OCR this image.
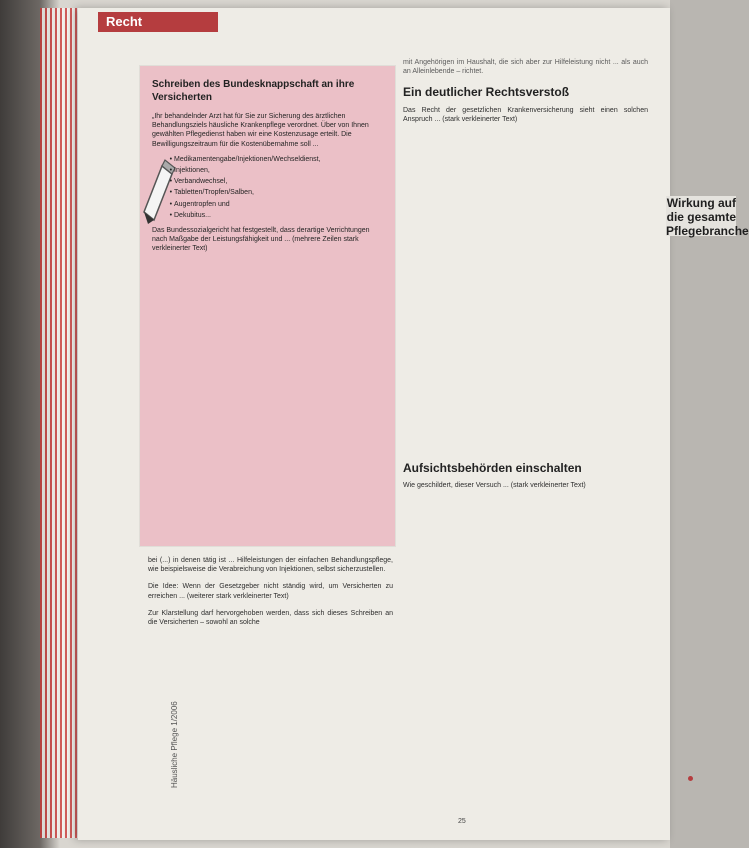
Recht
Schreiben des Bundesknappschaft an ihre Versicherten

„Ihr behandelnder Arzt hat für Sie zur Sicherung des ärztlichen Behandlungsziels häusliche Krankenpflege verordnet. Über von Ihnen gewählten Pflegedienst haben wir eine Kostenzusage erteilt. Die Bewilligungszeitraum für die Kostenübernahme soll ...

• Medikamentengabe/Injektionen/Wechseldienst,
• Injektionen,
• Verbandwechsel,
• Tabletten/Tropfen/Salben,
• Augentropfen und
• Dekubitus...

Das Bundessozialgericht hat festgestellt, dass derartige Verrichtungen nach Maßgabe der Leistungsfähigkeit und ... (mehrere Zeilen stark verkleinerter Text)

bei (...) in denen tätig ist ... Hilfeleistungen der einfachen Behandlungspflege, wie beispielsweise die Verabreichung von Injektionen, selbst sicherzustellen.

Die Idee: Wenn der Gesetzgeber nicht ständig wird, um Versicherten zu erreichen ... (weiterer stark verkleinerter Text)

Zur Klarstellung darf hervorgehoben werden, dass sich dieses Schreiben an die Versicherten – sowohl an solche

mit Angehörigen im Haushalt, die sich aber zur Hilfeleistung nicht ... als auch an Alleinlebende – richtet.

Ein deutlicher Rechtsverstoß

Das Recht der gesetzlichen Krankenversicherung sieht einen solchen Anspruch ... (stark verkleinerter Text)

Aufsichtsbehörden einschalten

Wie geschildert, dieser Versuch ... (stark verkleinerter Text)

Wirkung auf
die gesamte
Pflegebranche
Häusliche Pflege 1/2006
25
